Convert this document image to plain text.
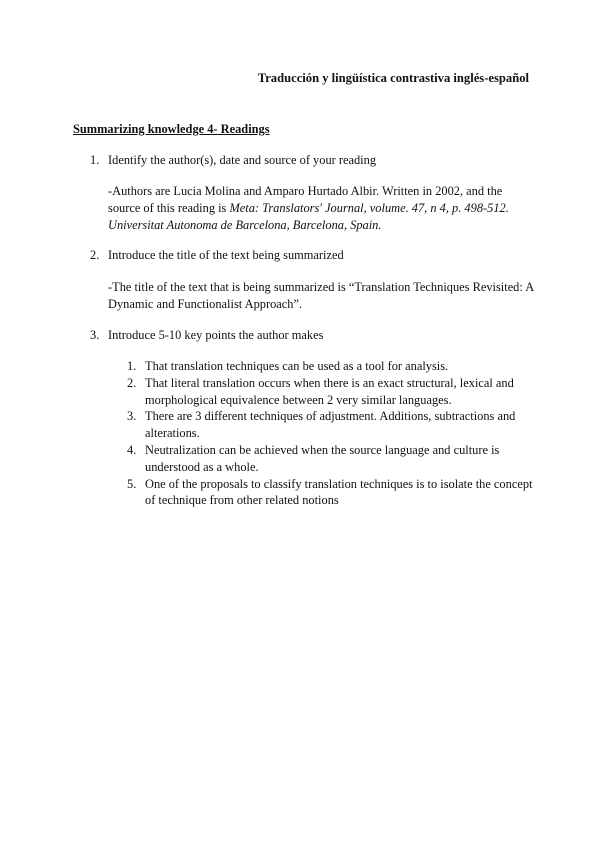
Traducción y lingüística contrastiva inglés-español
Summarizing knowledge 4- Readings
1. Identify the author(s), date and source of your reading
-Authors are Lucia Molina and Amparo Hurtado Albir. Written in 2002, and the
source of this reading is Meta: Translators' Journal, volume. 47, n 4, p. 498-512.
Universitat Autonoma de Barcelona, Barcelona, Spain.
2. Introduce the title of the text being summarized
-The title of the text that is being summarized is “Translation Techniques Revisited: A
Dynamic and Functionalist Approach”.
3. Introduce 5-10 key points the author makes
1. That translation techniques can be used as a tool for analysis.
2. That literal translation occurs when there is an exact structural, lexical and
morphological equivalence between 2 very similar languages.
3. There are 3 different techniques of adjustment. Additions, subtractions and
alterations.
4. Neutralization can be achieved when the source language and culture is
understood as a whole.
5. One of the proposals to classify translation techniques is to isolate the concept
of technique from other related notions
